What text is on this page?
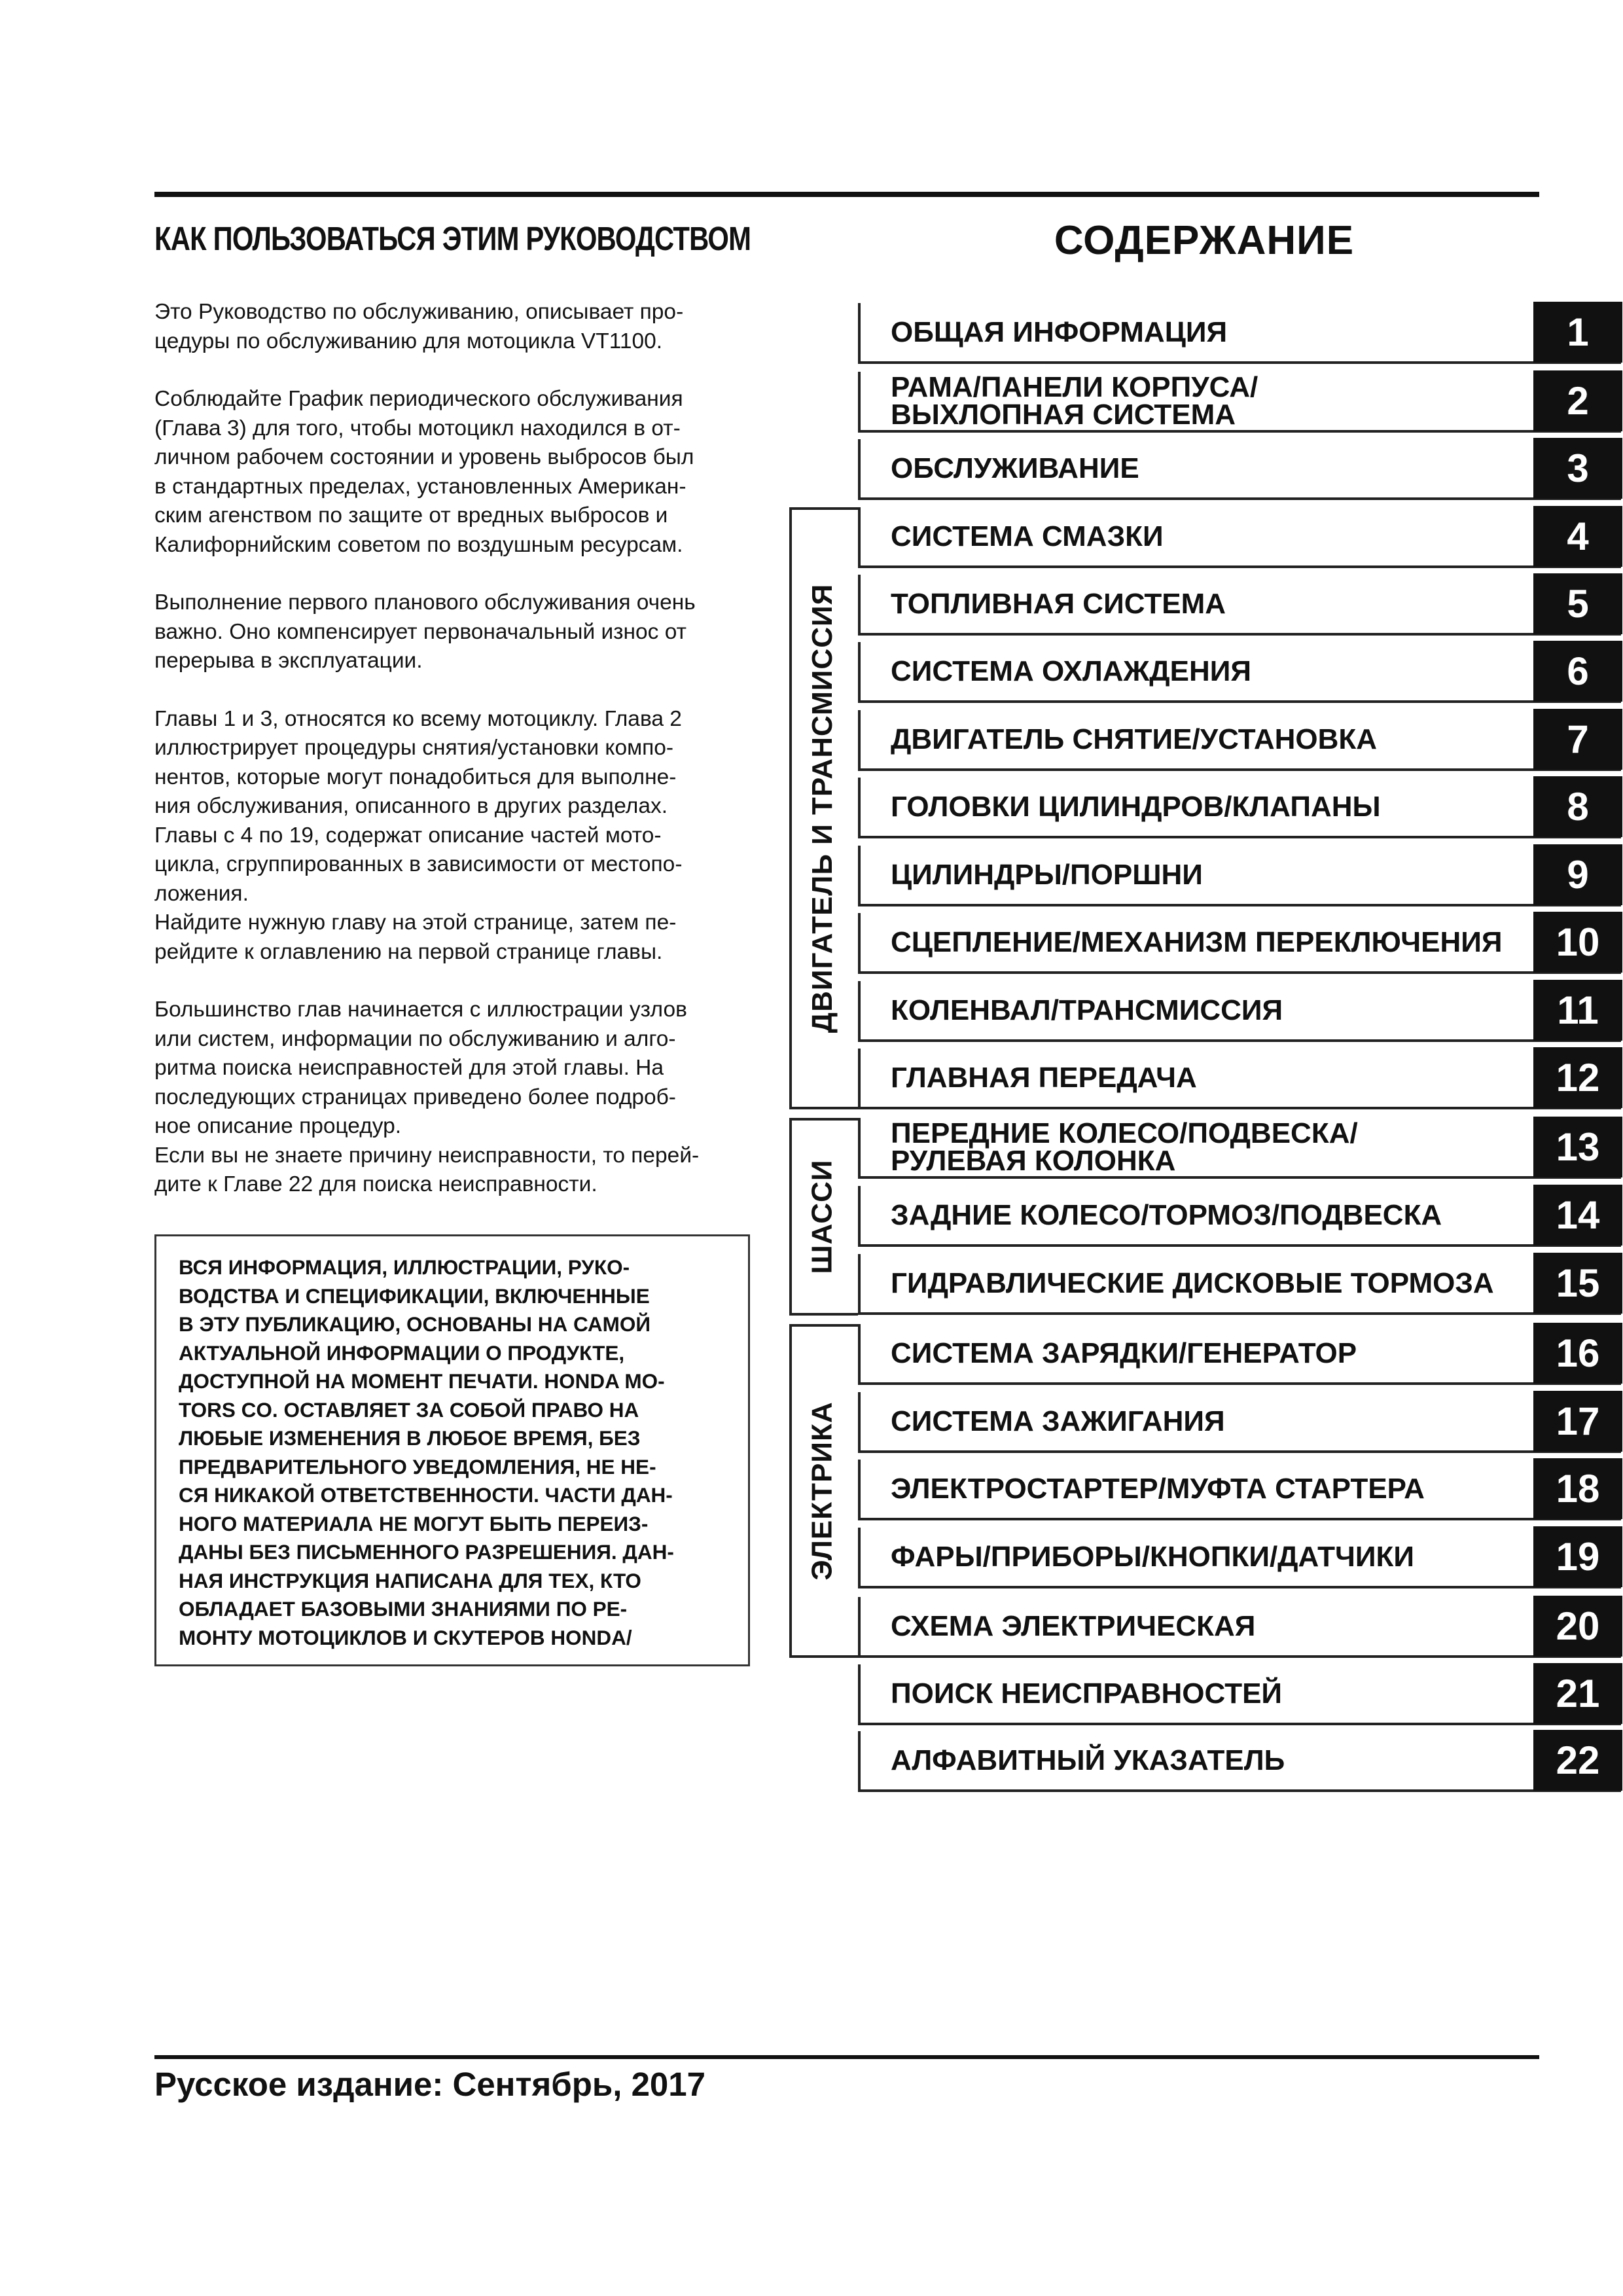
КАК ПОЛЬЗОВАТЬСЯ ЭТИМ РУКОВОДСТВОМ

Это Руководство по обслуживанию, описывает про-
цедуры по обслуживанию для мотоцикла VT1100.

Соблюдайте График периодического обслуживания
(Глава 3) для того, чтобы мотоцикл находился в от-
личном рабочем состоянии и уровень выбросов был
в стандартных пределах, установленных Американ-
ским агенством по защите от вредных выбросов и
Калифорнийским советом по воздушным ресурсам.

Выполнение первого планового обслуживания очень
важно. Оно компенсирует первоначальный износ от
перерыва в эксплуатации.

Главы 1 и 3, относятся ко всему мотоциклу. Глава 2
иллюстрирует процедуры снятия/установки компо-
нентов, которые могут понадобиться для выполне-
ния обслуживания, описанного в других разделах.
Главы с 4 по 19, содержат описание частей мото-
цикла, сгруппированных в зависимости от местопо-
ложения.
Найдите нужную главу на этой странице, затем пе-
рейдите к оглавлению на первой странице главы.

Большинство глав начинается с иллюстрации узлов
или систем, информации по обслуживанию и алго-
ритма поиска неисправностей для этой главы. На
последующих страницах приведено более подроб-
ное описание процедур.
Если вы не знаете причину неисправности, то перей-
дите к Главе 22 для поиска неисправности.

ВСЯ ИНФОРМАЦИЯ, ИЛЛЮСТРАЦИИ, РУКО-
ВОДСТВА И СПЕЦИФИКАЦИИ, ВКЛЮЧЕННЫЕ
В ЭТУ ПУБЛИКАЦИЮ, ОСНОВАНЫ НА САМОЙ
АКТУАЛЬНОЙ ИНФОРМАЦИИ О ПРОДУКТЕ,
ДОСТУПНОЙ НА МОМЕНТ ПЕЧАТИ. HONDA MO-
TORS CO. ОСТАВЛЯЕТ ЗА СОБОЙ ПРАВО НА
ЛЮБЫЕ ИЗМЕНЕНИЯ В ЛЮБОЕ ВРЕМЯ, БЕЗ
ПРЕДВАРИТЕЛЬНОГО УВЕДОМЛЕНИЯ, НЕ НЕ-
СЯ НИКАКОЙ ОТВЕТСТВЕННОСТИ. ЧАСТИ ДАН-
НОГО МАТЕРИАЛА НЕ МОГУТ БЫТЬ ПЕРЕИЗ-
ДАНЫ БЕЗ ПИСЬМЕННОГО РАЗРЕШЕНИЯ. ДАН-
НАЯ ИНСТРУКЦИЯ НАПИСАНА ДЛЯ ТЕХ, КТО
ОБЛАДАЕТ БАЗОВЫМИ ЗНАНИЯМИ ПО РЕ-
МОНТУ МОТОЦИКЛОВ И СКУТЕРОВ HONDA/
СОДЕРЖАНИЕ
ДВИГАТЕЛЬ И ТРАНСМИССИЯ
ШАССИ
ЭЛЕКТРИКА
ОБЩАЯ ИНФОРМАЦИЯ	1
РАМА/ПАНЕЛИ КОРПУСА/
ВЫХЛОПНАЯ СИСТЕМА	2
ОБСЛУЖИВАНИЕ	3
СИСТЕМА СМАЗКИ	4
ТОПЛИВНАЯ СИСТЕМА	5
СИСТЕМА ОХЛАЖДЕНИЯ	6
ДВИГАТЕЛЬ СНЯТИЕ/УСТАНОВКА	7
ГОЛОВКИ ЦИЛИНДРОВ/КЛАПАНЫ	8
ЦИЛИНДРЫ/ПОРШНИ	9
СЦЕПЛЕНИЕ/МЕХАНИЗМ ПЕРЕКЛЮЧЕНИЯ	10
КОЛЕНВАЛ/ТРАНСМИССИЯ	11
ГЛАВНАЯ ПЕРЕДАЧА	12
ПЕРЕДНИЕ КОЛЕСО/ПОДВЕСКА/
РУЛЕВАЯ КОЛОНКА	13
ЗАДНИЕ КОЛЕСО/ТОРМОЗ/ПОДВЕСКА	14
ГИДРАВЛИЧЕСКИЕ ДИСКОВЫЕ ТОРМОЗА	15
СИСТЕМА ЗАРЯДКИ/ГЕНЕРАТОР	16
СИСТЕМА ЗАЖИГАНИЯ	17
ЭЛЕКТРОСТАРТЕР/МУФТА СТАРТЕРА	18
ФАРЫ/ПРИБОРЫ/КНОПКИ/ДАТЧИКИ	19
СХЕМА ЭЛЕКТРИЧЕСКАЯ	20
ПОИСК НЕИСПРАВНОСТЕЙ	21
АЛФАВИТНЫЙ УКАЗАТЕЛЬ	22
Русское издание: Сентябрь, 2017
